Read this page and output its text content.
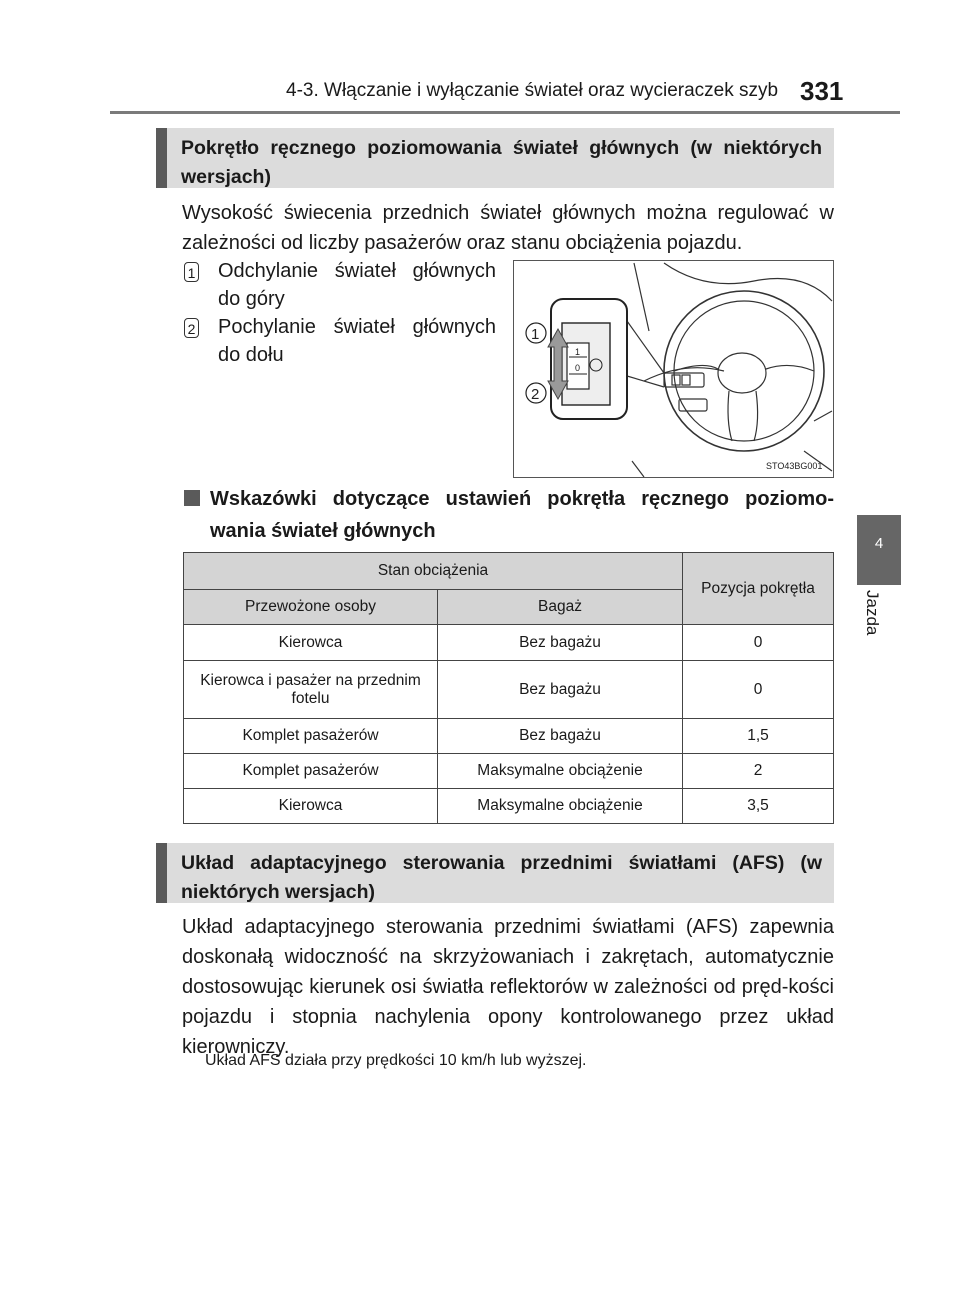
4-3. Włączanie i wyłączanie świateł oraz wycieraczek szyb 331
4
Jazda
Pokrętło ręcznego poziomowania świateł głównych (w niektórych wersjach)
Wysokość świecenia przednich świateł głównych można regulować w zależności od liczby pasażerów oraz stanu obciążenia pojazdu.
1 Odchylanie świateł głównych do góry
2 Pochylanie świateł głównych do dołu	1
0
1
2
STO43BG001
Wskazówki dotyczące ustawień pokrętła ręcznego poziomo-wania świateł głównych
Stan obciążenia		Pozycja pokrętła
Przewożone osoby	Bagaż	
Kierowca	Bez bagażu	0
Kierowca i pasażer na przednim fotelu	Bez bagażu	0
Komplet pasażerów	Bez bagażu	1,5
Komplet pasażerów	Maksymalne obciążenie	2
Kierowca	Maksymalne obciążenie	3,5
Układ adaptacyjnego sterowania przednimi światłami (AFS) (w niektórych wersjach)
Układ adaptacyjnego sterowania przednimi światłami (AFS) zapewnia doskonałą widoczność na skrzyżowaniach i zakrętach, automatycznie dostosowując kierunek osi światła reflektorów w zależności od pręd-kości pojazdu i stopnia nachylenia opony kontrolowanego przez układ kierowniczy.
Układ AFS działa przy prędkości 10 km/h lub wyższej.
